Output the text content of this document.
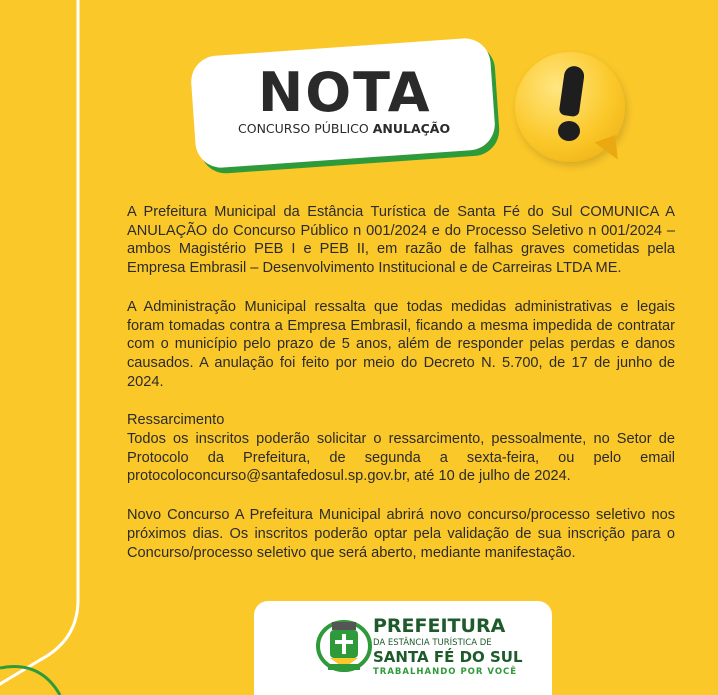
NOTA
CONCURSO PÚBLICO ANULAÇÃO

A Prefeitura Municipal da Estância Turística de Santa Fé do Sul COMUNICA A ANULAÇÃO do Concurso Público n 001/2024 e do Processo Seletivo n 001/2024 – ambos Magistério PEB I e PEB II, em razão de falhas graves cometidas pela Empresa Embrasil – Desenvolvimento Institucional e de Carreiras LTDA ME.

A Administração Municipal ressalta que todas medidas administrativas e legais foram tomadas contra a Empresa Embrasil, ficando a mesma impedida de contratar com o município pelo prazo de 5 anos, além de responder pelas perdas e danos causados. A anulação foi feito por meio do Decreto N. 5.700, de 17 de junho de 2024.

Ressarcimento
Todos os inscritos poderão solicitar o ressarcimento, pessoalmente, no Setor de Protocolo da Prefeitura, de segunda a sexta-feira, ou pelo email protocoloconcurso@santafedosul.sp.gov.br, até 10 de julho de 2024.

Novo Concurso A Prefeitura Municipal abrirá novo concurso/processo seletivo nos próximos dias. Os inscritos poderão optar pela validação de sua inscrição para o Concurso/processo seletivo que será aberto, mediante manifestação.

PREFEITURA
DA ESTÂNCIA TURÍSTICA DE
SANTA FÉ DO SUL
TRABALHANDO POR VOCÊ
